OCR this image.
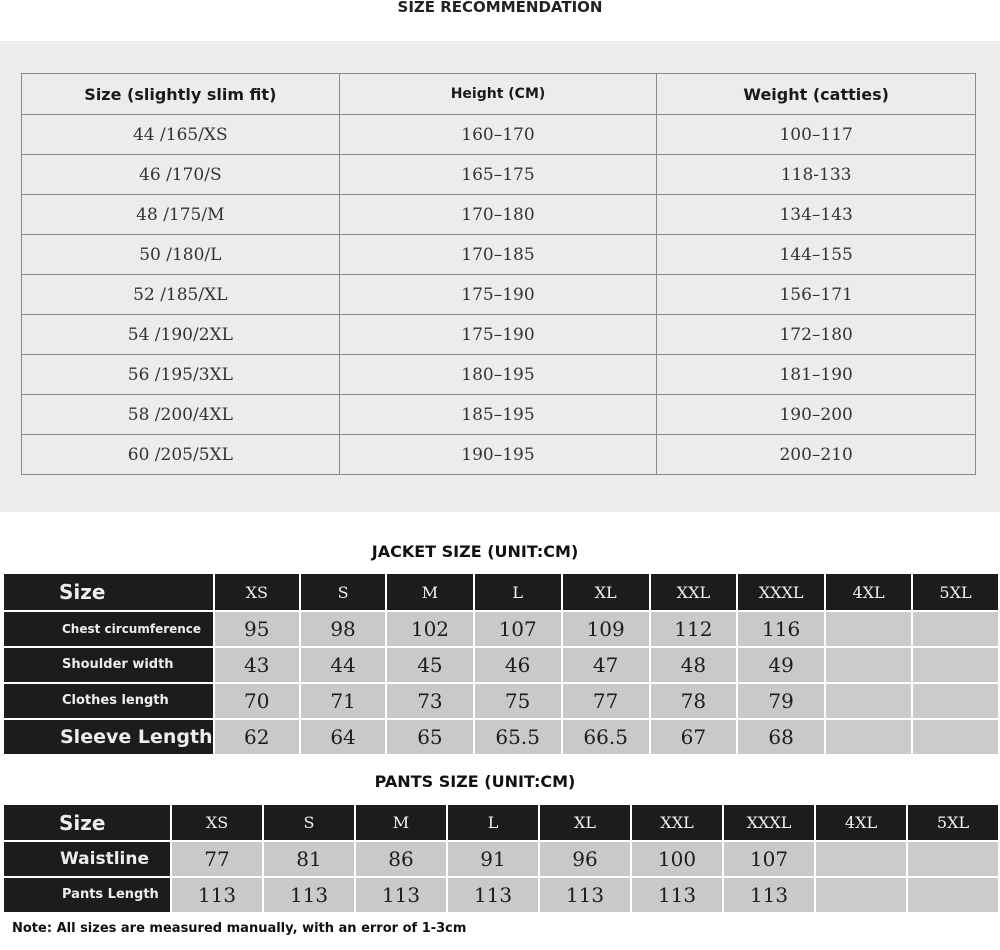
SIZE RECOMMENDATION
Size (slightly slim fit)	Height (CM)	Weight (catties)
44 /165/XS	160–170	100–117
46 /170/S	165–175	118-133
48 /175/M	170–180	134–143
50 /180/L	170–185	144–155
52 /185/XL	175–190	156–171
54 /190/2XL	175–190	172–180
56 /195/3XL	180–195	181–190
58 /200/4XL	185–195	190–200
60 /205/5XL	190–195	200–210
JACKET SIZE (UNIT:CM)
Size	XS	S	M	L	XL	XXL	XXXL	4XL	5XL
Chest circumference	95	98	102	107	109	112	116		
Shoulder width	43	44	45	46	47	48	49		
Clothes length	70	71	73	75	77	78	79		
Sleeve Length	62	64	65	65.5	66.5	67	68		
PANTS SIZE (UNIT:CM)
Size	XS	S	M	L	XL	XXL	XXXL	4XL	5XL
Waistline	77	81	86	91	96	100	107		
Pants Length	113	113	113	113	113	113	113		
Note: All sizes are measured manually, with an error of 1-3cm
